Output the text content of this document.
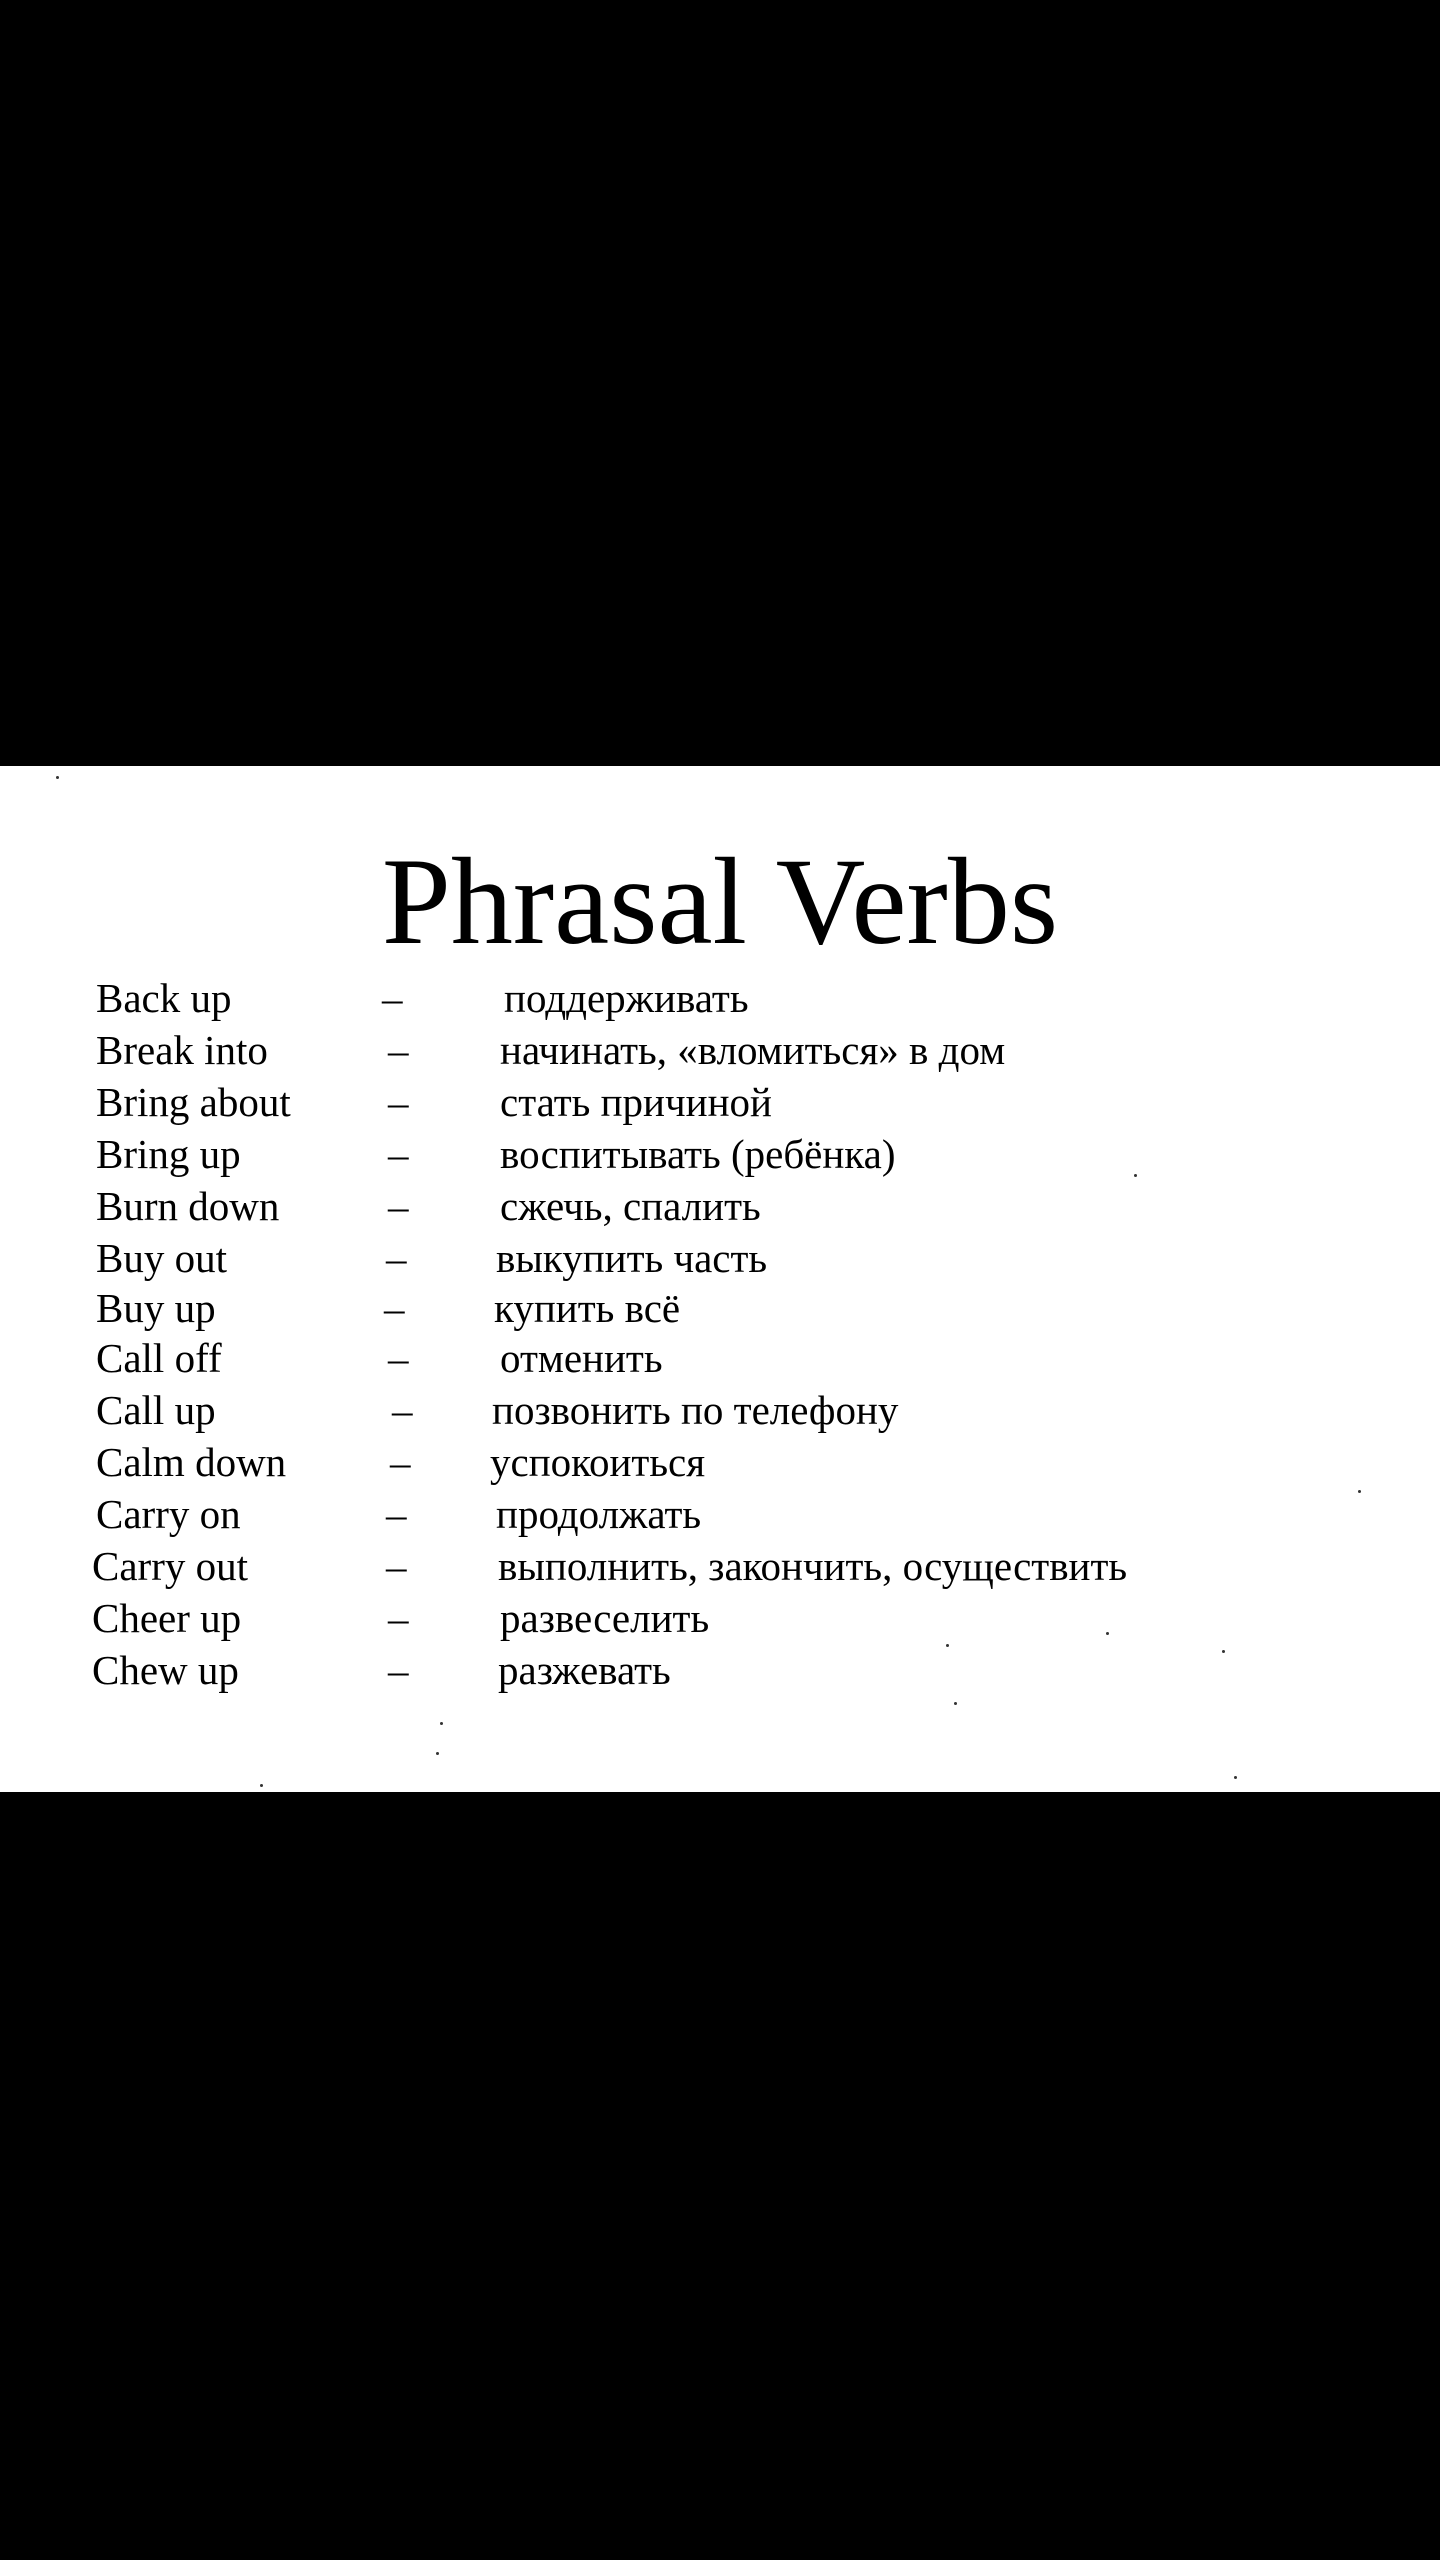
Phrasal Verbs
Back up	– поддерживать
Break into	– начинать, «вломиться» в дом
Bring about – стать причиной
Bring up	– воспитывать (ребёнка)
Burn down	– сжечь, спалить
Buy out	– выкупить часть
Buy up	– купить всё
Call off	– отменить
Call up	– позвонить по телефону
Calm down	– успокоиться
Carry on	– продолжать
Carry out	– выполнить, закончить, осуществить
Cheer up	– развеселить
Chew up	– разжевать
